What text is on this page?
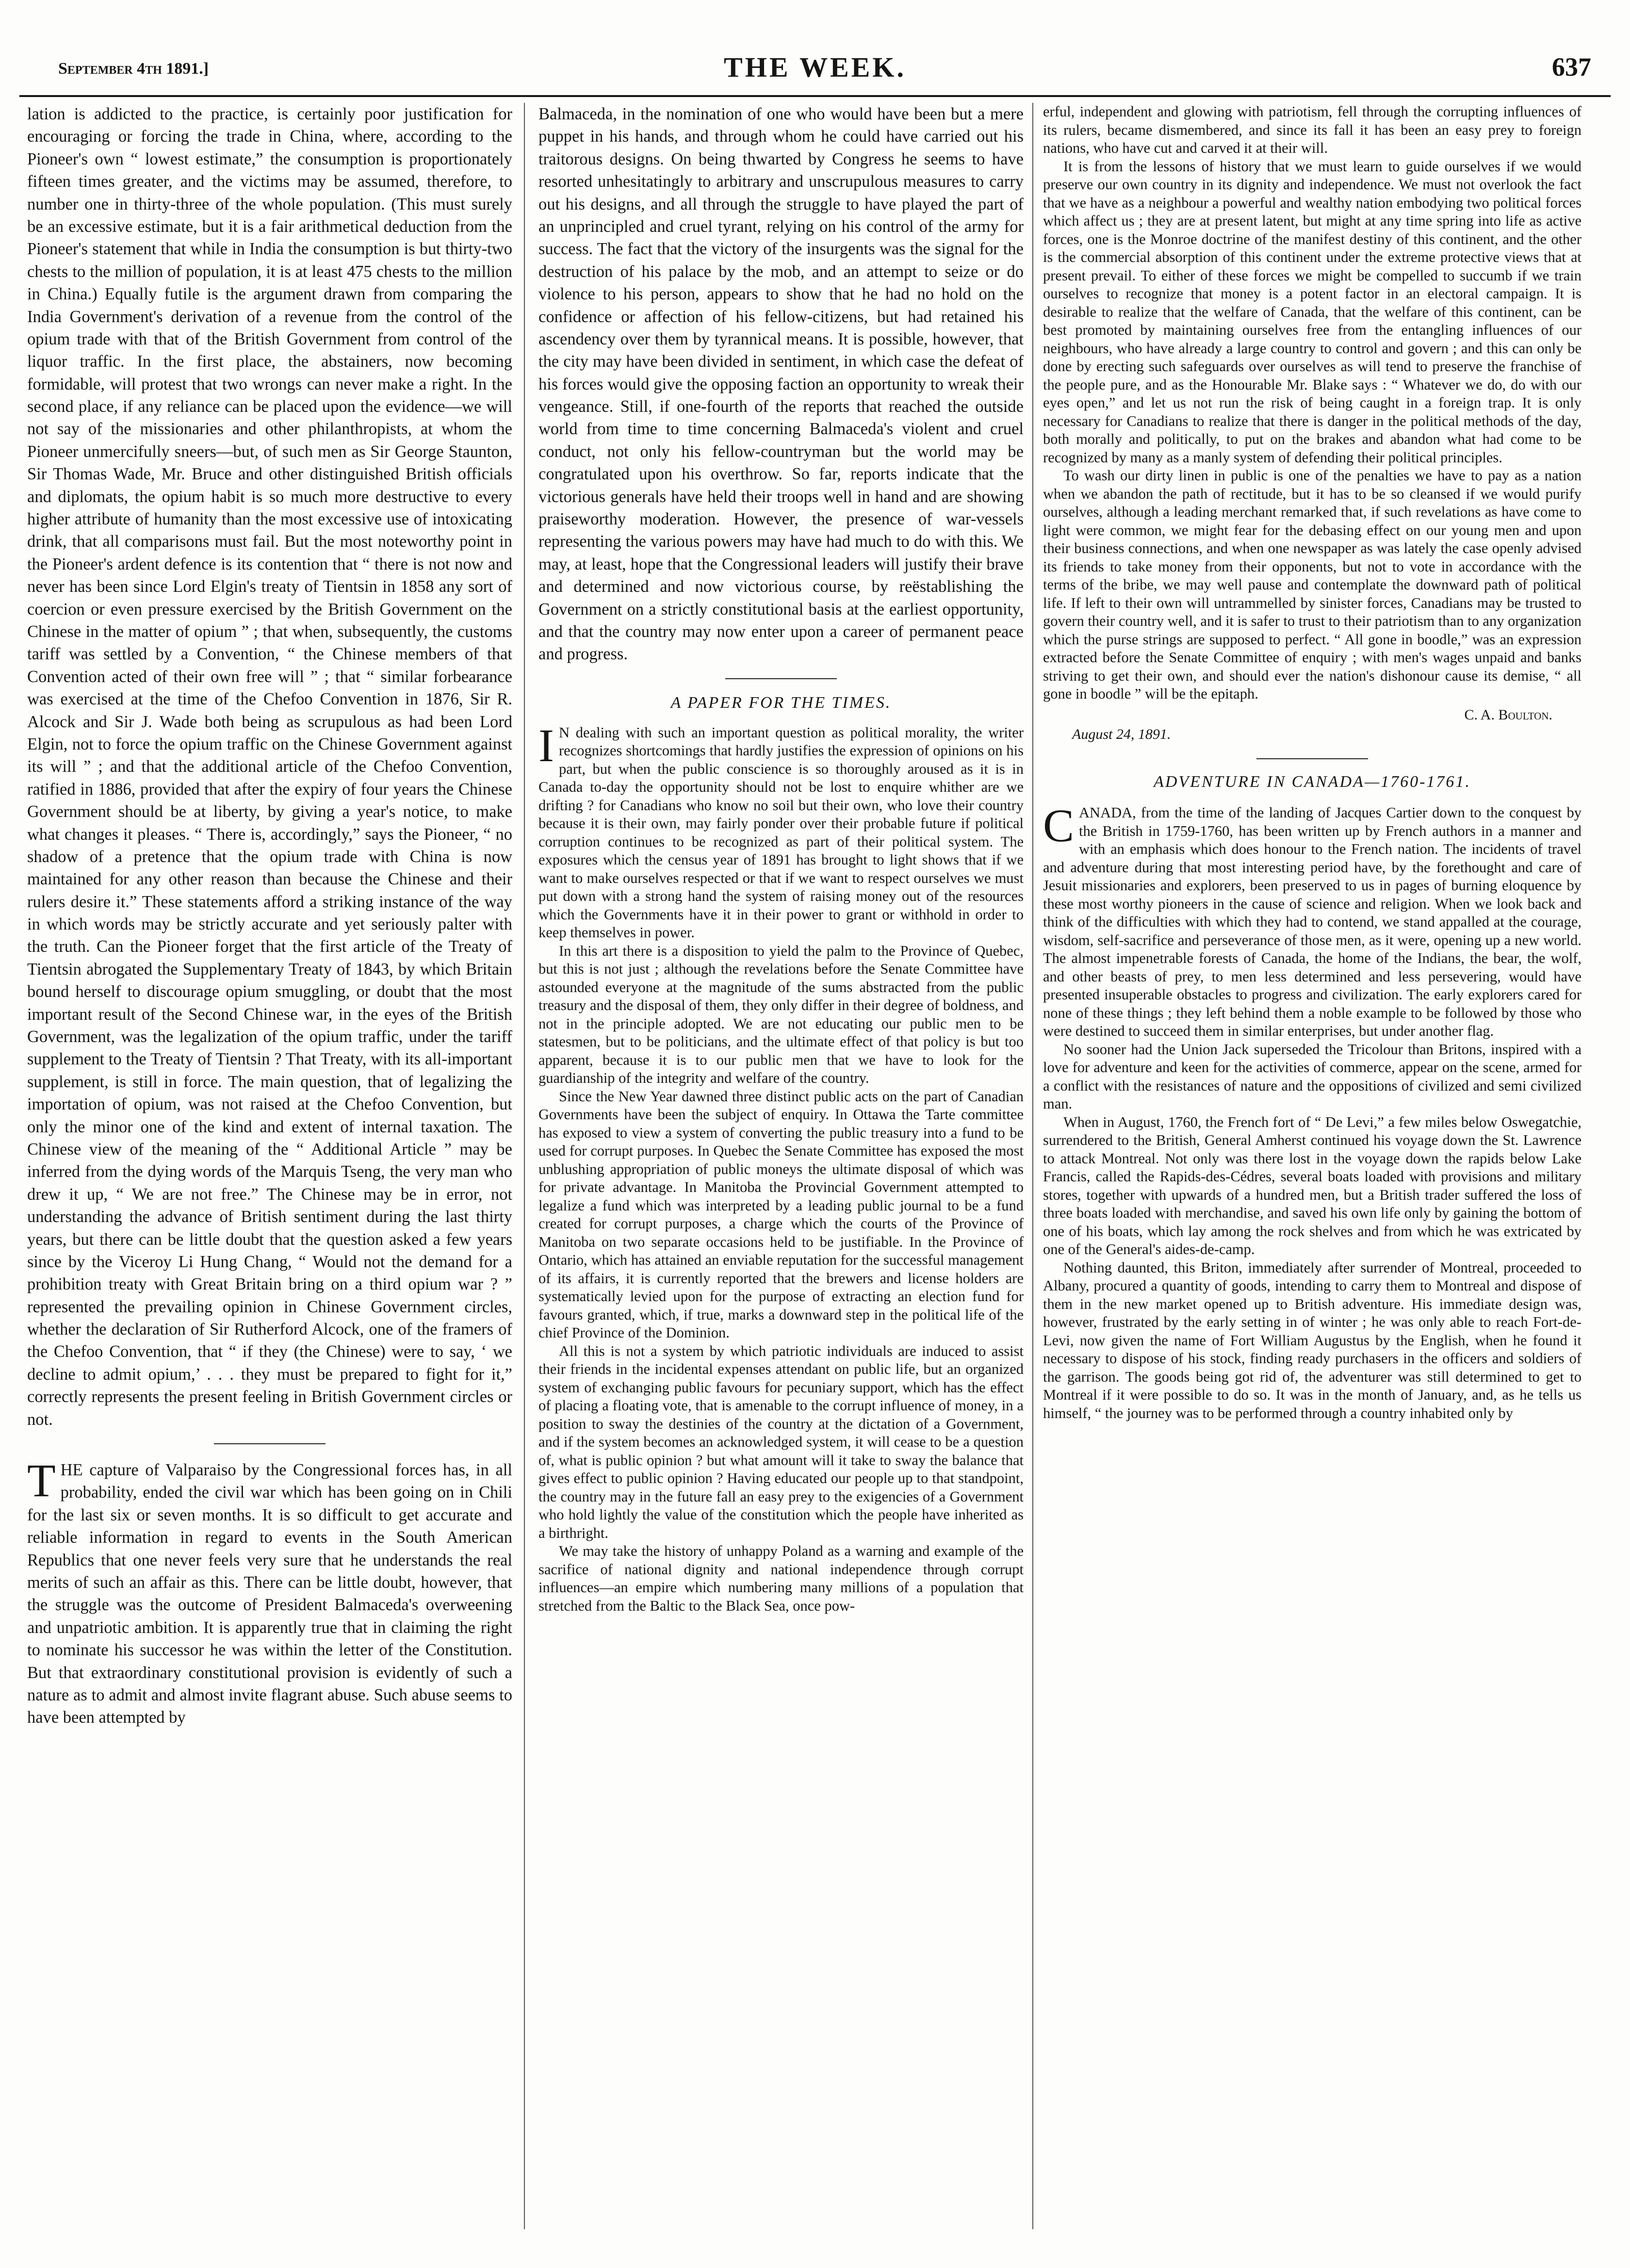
September 4th 1891.]	THE WEEK.	637

lation is addicted to the practice, is certainly poor justification for encouraging or forcing the trade in China, where, according to the Pioneer's own “ lowest estimate,” the consumption is proportionately fifteen times greater, and the victims may be assumed, therefore, to number one in thirty-three of the whole population. (This must surely be an excessive estimate, but it is a fair arithmetical deduction from the Pioneer's statement that while in India the consumption is but thirty-two chests to the million of population, it is at least 475 chests to the million in China.) Equally futile is the argument drawn from comparing the India Government's derivation of a revenue from the control of the opium trade with that of the British Government from control of the liquor traffic. In the first place, the abstainers, now becoming formidable, will protest that two wrongs can never make a right. In the second place, if any reliance can be placed upon the evidence—we will not say of the missionaries and other philanthropists, at whom the Pioneer unmercifully sneers—but, of such men as Sir George Staunton, Sir Thomas Wade, Mr. Bruce and other distinguished British officials and diplomats, the opium habit is so much more destructive to every higher attribute of humanity than the most excessive use of intoxicating drink, that all comparisons must fail. But the most noteworthy point in the Pioneer's ardent defence is its contention that “ there is not now and never has been since Lord Elgin's treaty of Tientsin in 1858 any sort of coercion or even pressure exercised by the British Government on the Chinese in the matter of opium ” ; that when, subsequently, the customs tariff was settled by a Convention, “ the Chinese members of that Convention acted of their own free will ” ; that “ similar forbearance was exercised at the time of the Chefoo Convention in 1876, Sir R. Alcock and Sir J. Wade both being as scrupulous as had been Lord Elgin, not to force the opium traffic on the Chinese Government against its will ” ; and that the additional article of the Chefoo Convention, ratified in 1886, provided that after the expiry of four years the Chinese Government should be at liberty, by giving a year's notice, to make what changes it pleases. “ There is, accordingly,” says the Pioneer, “ no shadow of a pretence that the opium trade with China is now maintained for any other reason than because the Chinese and their rulers desire it.” These statements afford a striking instance of the way in which words may be strictly accurate and yet seriously palter with the truth. Can the Pioneer forget that the first article of the Treaty of Tientsin abrogated the Supplementary Treaty of 1843, by which Britain bound herself to discourage opium smuggling, or doubt that the most important result of the Second Chinese war, in the eyes of the British Government, was the legalization of the opium traffic, under the tariff supplement to the Treaty of Tientsin ? That Treaty, with its all-important supplement, is still in force. The main question, that of legalizing the importation of opium, was not raised at the Chefoo Convention, but only the minor one of the kind and extent of internal taxation. The Chinese view of the meaning of the “ Additional Article ” may be inferred from the dying words of the Marquis Tseng, the very man who drew it up, “ We are not free.” The Chinese may be in error, not understanding the advance of British sentiment during the last thirty years, but there can be little doubt that the question asked a few years since by the Viceroy Li Hung Chang, “ Would not the demand for a prohibition treaty with Great Britain bring on a third opium war ? ” represented the prevailing opinion in Chinese Government circles, whether the declaration of Sir Rutherford Alcock, one of the framers of the Chefoo Convention, that “ if they (the Chinese) were to say, ‘ we decline to admit opium,’ . . . they must be prepared to fight for it,” correctly represents the present feeling in British Government circles or not.

THE capture of Valparaiso by the Congressional forces has, in all probability, ended the civil war which has been going on in Chili for the last six or seven months. It is so difficult to get accurate and reliable information in regard to events in the South American Republics that one never feels very sure that he understands the real merits of such an affair as this. There can be little doubt, however, that the struggle was the outcome of President Balmaceda's overweening and unpatriotic ambition. It is apparently true that in claiming the right to nominate his successor he was within the letter of the Constitution. But that extraordinary constitutional provision is evidently of such a nature as to admit and almost invite flagrant abuse. Such abuse seems to have been attempted by

Balmaceda, in the nomination of one who would have been but a mere puppet in his hands, and through whom he could have carried out his traitorous designs. On being thwarted by Congress he seems to have resorted unhesitatingly to arbitrary and unscrupulous measures to carry out his designs, and all through the struggle to have played the part of an unprincipled and cruel tyrant, relying on his control of the army for success. The fact that the victory of the insurgents was the signal for the destruction of his palace by the mob, and an attempt to seize or do violence to his person, appears to show that he had no hold on the confidence or affection of his fellow-citizens, but had retained his ascendency over them by tyrannical means. It is possible, however, that the city may have been divided in sentiment, in which case the defeat of his forces would give the opposing faction an opportunity to wreak their vengeance. Still, if one-fourth of the reports that reached the outside world from time to time concerning Balmaceda's violent and cruel conduct, not only his fellow-countryman but the world may be congratulated upon his overthrow. So far, reports indicate that the victorious generals have held their troops well in hand and are showing praiseworthy moderation. However, the presence of war-vessels representing the various powers may have had much to do with this. We may, at least, hope that the Congressional leaders will justify their brave and determined and now victorious course, by reëstablishing the Government on a strictly constitutional basis at the earliest opportunity, and that the country may now enter upon a career of permanent peace and progress.

A PAPER FOR THE TIMES.

I N dealing with such an important question as political morality, the writer recognizes shortcomings that hardly justifies the expression of opinions on his part, but when the public conscience is so thoroughly aroused as it is in Canada to-day the opportunity should not be lost to enquire whither are we drifting ? for Canadians who know no soil but their own, who love their country because it is their own, may fairly ponder over their probable future if political corruption continues to be recognized as part of their political system. The exposures which the census year of 1891 has brought to light shows that if we want to make ourselves respected or that if we want to respect ourselves we must put down with a strong hand the system of raising money out of the resources which the Governments have it in their power to grant or withhold in order to keep themselves in power.

In this art there is a disposition to yield the palm to the Province of Quebec, but this is not just ; although the revelations before the Senate Committee have astounded everyone at the magnitude of the sums abstracted from the public treasury and the disposal of them, they only differ in their degree of boldness, and not in the principle adopted. We are not educating our public men to be statesmen, but to be politicians, and the ultimate effect of that policy is but too apparent, because it is to our public men that we have to look for the guardianship of the integrity and welfare of the country.

Since the New Year dawned three distinct public acts on the part of Canadian Governments have been the subject of enquiry. In Ottawa the Tarte committee has exposed to view a system of converting the public treasury into a fund to be used for corrupt purposes. In Quebec the Senate Committee has exposed the most unblushing appropriation of public moneys the ultimate disposal of which was for private advantage. In Manitoba the Provincial Government attempted to legalize a fund which was interpreted by a leading public journal to be a fund created for corrupt purposes, a charge which the courts of the Province of Manitoba on two separate occasions held to be justifiable. In the Province of Ontario, which has attained an enviable reputation for the successful management of its affairs, it is currently reported that the brewers and license holders are systematically levied upon for the purpose of extracting an election fund for favours granted, which, if true, marks a downward step in the political life of the chief Province of the Dominion.

All this is not a system by which patriotic individuals are induced to assist their friends in the incidental expenses attendant on public life, but an organized system of exchanging public favours for pecuniary support, which has the effect of placing a floating vote, that is amenable to the corrupt influence of money, in a position to sway the destinies of the country at the dictation of a Government, and if the system becomes an acknowledged system, it will cease to be a question of, what is public opinion ? but what amount will it take to sway the balance that gives effect to public opinion ? Having educated our people up to that standpoint, the country may in the future fall an easy prey to the exigencies of a Government who hold lightly the value of the constitution which the people have inherited as a birthright.

We may take the history of unhappy Poland as a warning and example of the sacrifice of national dignity and national independence through corrupt influences—an empire which numbering many millions of a population that stretched from the Baltic to the Black Sea, once pow-

erful, independent and glowing with patriotism, fell through the corrupting influences of its rulers, became dismembered, and since its fall it has been an easy prey to foreign nations, who have cut and carved it at their will.

It is from the lessons of history that we must learn to guide ourselves if we would preserve our own country in its dignity and independence. We must not overlook the fact that we have as a neighbour a powerful and wealthy nation embodying two political forces which affect us ; they are at present latent, but might at any time spring into life as active forces, one is the Monroe doctrine of the manifest destiny of this continent, and the other is the commercial absorption of this continent under the extreme protective views that at present prevail. To either of these forces we might be compelled to succumb if we train ourselves to recognize that money is a potent factor in an electoral campaign. It is desirable to realize that the welfare of Canada, that the welfare of this continent, can be best promoted by maintaining ourselves free from the entangling influences of our neighbours, who have already a large country to control and govern ; and this can only be done by erecting such safeguards over ourselves as will tend to preserve the franchise of the people pure, and as the Honourable Mr. Blake says : “ Whatever we do, do with our eyes open,” and let us not run the risk of being caught in a foreign trap. It is only necessary for Canadians to realize that there is danger in the political methods of the day, both morally and politically, to put on the brakes and abandon what had come to be recognized by many as a manly system of defending their political principles.

To wash our dirty linen in public is one of the penalties we have to pay as a nation when we abandon the path of rectitude, but it has to be so cleansed if we would purify ourselves, although a leading merchant remarked that, if such revelations as have come to light were common, we might fear for the debasing effect on our young men and upon their business connections, and when one newspaper as was lately the case openly advised its friends to take money from their opponents, but not to vote in accordance with the terms of the bribe, we may well pause and contemplate the downward path of political life. If left to their own will untrammelled by sinister forces, Canadians may be trusted to govern their country well, and it is safer to trust to their patriotism than to any organization which the purse strings are supposed to perfect. “ All gone in boodle,” was an expression extracted before the Senate Committee of enquiry ; with men's wages unpaid and banks striving to get their own, and should ever the nation's dishonour cause its demise, “ all gone in boodle ” will be the epitaph.

C. A. Boulton.
August 24, 1891.
ADVENTURE IN CANADA—1760-1761.

CANADA, from the time of the landing of Jacques Cartier down to the conquest by the British in 1759-1760, has been written up by French authors in a manner and with an emphasis which does honour to the French nation. The incidents of travel and adventure during that most interesting period have, by the forethought and care of Jesuit missionaries and explorers, been preserved to us in pages of burning eloquence by these most worthy pioneers in the cause of science and religion. When we look back and think of the difficulties with which they had to contend, we stand appalled at the courage, wisdom, self-sacrifice and perseverance of those men, as it were, opening up a new world. The almost impenetrable forests of Canada, the home of the Indians, the bear, the wolf, and other beasts of prey, to men less determined and less persevering, would have presented insuperable obstacles to progress and civilization. The early explorers cared for none of these things ; they left behind them a noble example to be followed by those who were destined to succeed them in similar enterprises, but under another flag.

No sooner had the Union Jack superseded the Tricolour than Britons, inspired with a love for adventure and keen for the activities of commerce, appear on the scene, armed for a conflict with the resistances of nature and the oppositions of civilized and semi civilized man.

When in August, 1760, the French fort of “ De Levi,” a few miles below Oswegatchie, surrendered to the British, General Amherst continued his voyage down the St. Lawrence to attack Montreal. Not only was there lost in the voyage down the rapids below Lake Francis, called the Rapids-des-Cédres, several boats loaded with provisions and military stores, together with upwards of a hundred men, but a British trader suffered the loss of three boats loaded with merchandise, and saved his own life only by gaining the bottom of one of his boats, which lay among the rock shelves and from which he was extricated by one of the General's aides-de-camp.

Nothing daunted, this Briton, immediately after surrender of Montreal, proceeded to Albany, procured a quantity of goods, intending to carry them to Montreal and dispose of them in the new market opened up to British adventure. His immediate design was, however, frustrated by the early setting in of winter ; he was only able to reach Fort-de-Levi, now given the name of Fort William Augustus by the English, when he found it necessary to dispose of his stock, finding ready purchasers in the officers and soldiers of the garrison. The goods being got rid of, the adventurer was still determined to get to Montreal if it were possible to do so. It was in the month of January, and, as he tells us himself, “ the journey was to be performed through a country inhabited only by
